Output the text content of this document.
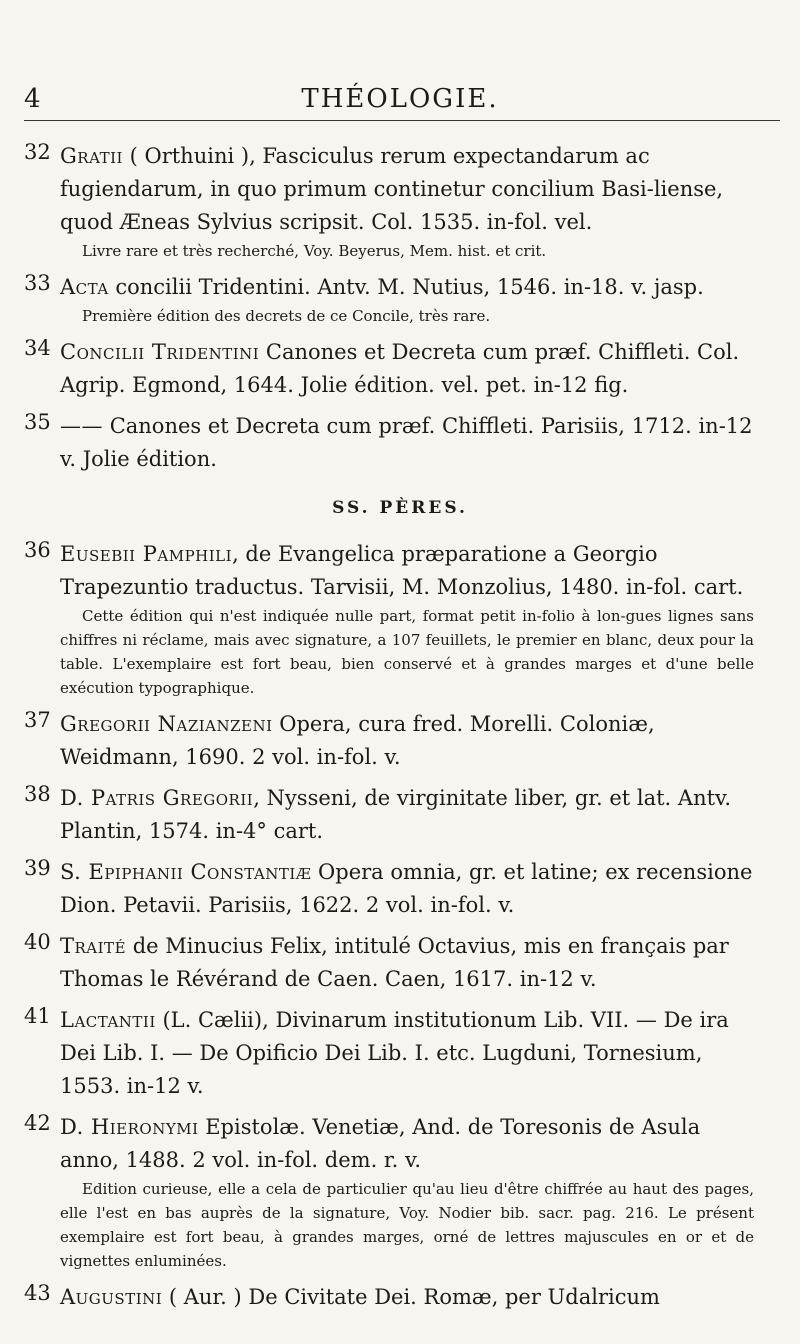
4	THÉOLOGIE.
32 Gratii ( Orthuini ), Fasciculus rerum expectandarum ac fugiendarum, in quo primum continetur concilium Basi-liense, quod Æneas Sylvius scripsit. Col. 1535. in-fol. vel.
Livre rare et très recherché, Voy. Beyerus, Mem. hist. et crit.
33 Acta concilii Tridentini. Antv. M. Nutius, 1546. in-18. v. jasp.
Première édition des decrets de ce Concile, très rare.
34 Concilii Tridentini Canones et Decreta cum præf. Chiffleti. Col. Agrip. Egmond, 1644. Jolie édition. vel. pet. in-12 fig.
35 —— Canones et Decreta cum præf. Chiffleti. Parisiis, 1712. in-12 v. Jolie édition.
SS. PÈRES.
36 Eusebii Pamphili, de Evangelica præparatione a Georgio Trapezuntio traductus. Tarvisii, M. Monzolius, 1480. in-fol. cart.
Cette édition qui n'est indiquée nulle part, format petit in-folio à lon-gues lignes sans chiffres ni réclame, mais avec signature, a 107 feuillets, le premier en blanc, deux pour la table. L'exemplaire est fort beau, bien conservé et à grandes marges et d'une belle exécution typographique.
37 Gregorii Nazianzeni Opera, cura fred. Morelli. Coloniæ, Weidmann, 1690. 2 vol. in-fol. v.
38 D. Patris Gregorii, Nysseni, de virginitate liber, gr. et lat. Antv. Plantin, 1574. in-4° cart.
39 S. Epiphanii Constantiæ Opera omnia, gr. et latine; ex recensione Dion. Petavii. Parisiis, 1622. 2 vol. in-fol. v.
40 Traité de Minucius Felix, intitulé Octavius, mis en français par Thomas le Révérand de Caen. Caen, 1617. in-12 v.
41 Lactantii (L. Cælii), Divinarum institutionum Lib. VII. — De ira Dei Lib. I. — De Opificio Dei Lib. I. etc. Lugduni, Tornesium, 1553. in-12 v.
42 D. Hieronymi Epistolæ. Venetiæ, And. de Toresonis de Asula anno, 1488. 2 vol. in-fol. dem. r. v.
Edition curieuse, elle a cela de particulier qu'au lieu d'être chiffrée au haut des pages, elle l'est en bas auprès de la signature, Voy. Nodier bib. sacr. pag. 216. Le présent exemplaire est fort beau, à grandes marges, orné de lettres majuscules en or et de vignettes enluminées.
43 Augustini ( Aur. ) De Civitate Dei. Romæ, per Udalricum
